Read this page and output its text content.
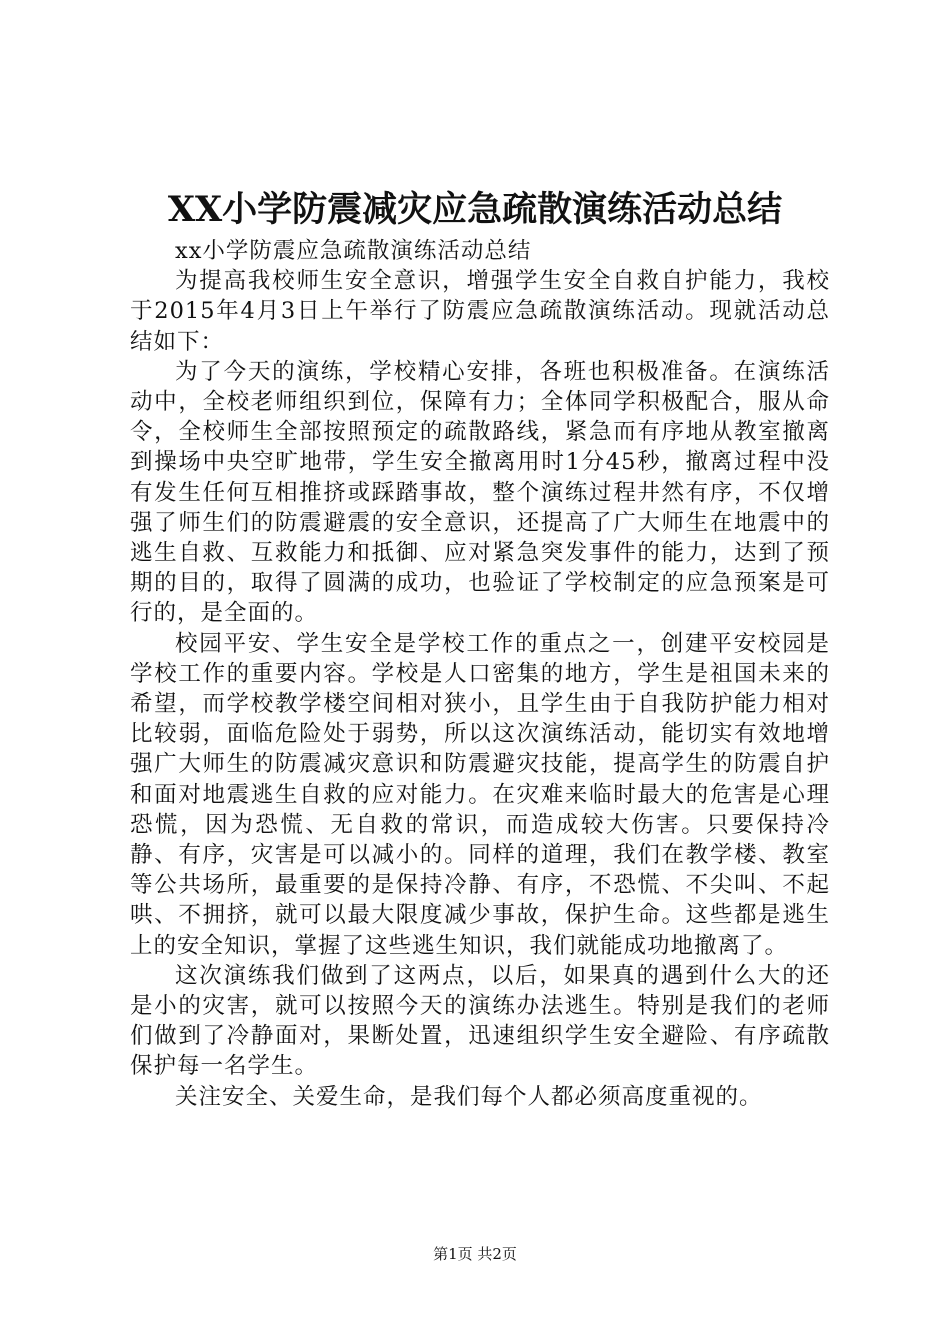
XX小学防震减灾应急疏散演练活动总结

xx小学防震应急疏散演练活动总结

为提高我校师生安全意识，增强学生安全自救自护能力，我校于2015年4月3日上午举行了防震应急疏散演练活动。现就活动总结如下：

为了今天的演练，学校精心安排，各班也积极准备。在演练活动中，全校老师组织到位，保障有力；全体同学积极配合，服从命令，全校师生全部按照预定的疏散路线，紧急而有序地从教室撤离到操场中央空旷地带，学生安全撤离用时1分45秒，撤离过程中没有发生任何互相推挤或踩踏事故，整个演练过程井然有序，不仅增强了师生们的防震避震的安全意识，还提高了广大师生在地震中的逃生自救、互救能力和抵御、应对紧急突发事件的能力，达到了预期的目的，取得了圆满的成功，也验证了学校制定的应急预案是可行的，是全面的。

校园平安、学生安全是学校工作的重点之一，创建平安校园是学校工作的重要内容。学校是人口密集的地方，学生是祖国未来的希望，而学校教学楼空间相对狭小，且学生由于自我防护能力相对比较弱，面临危险处于弱势，所以这次演练活动，能切实有效地增强广大师生的防震减灾意识和防震避灾技能，提高学生的防震自护和面对地震逃生自救的应对能力。在灾难来临时最大的危害是心理恐慌，因为恐慌、无自救的常识，而造成较大伤害。只要保持冷静、有序，灾害是可以减小的。同样的道理，我们在教学楼、教室等公共场所，最重要的是保持冷静、有序，不恐慌、不尖叫、不起哄、不拥挤，就可以最大限度减少事故，保护生命。这些都是逃生上的安全知识，掌握了这些逃生知识，我们就能成功地撤离了。

这次演练我们做到了这两点，以后，如果真的遇到什么大的还是小的灾害，就可以按照今天的演练办法逃生。特别是我们的老师们做到了冷静面对，果断处置，迅速组织学生安全避险、有序疏散保护每一名学生。

关注安全、关爱生命，是我们每个人都必须高度重视的。

第1页 共2页
